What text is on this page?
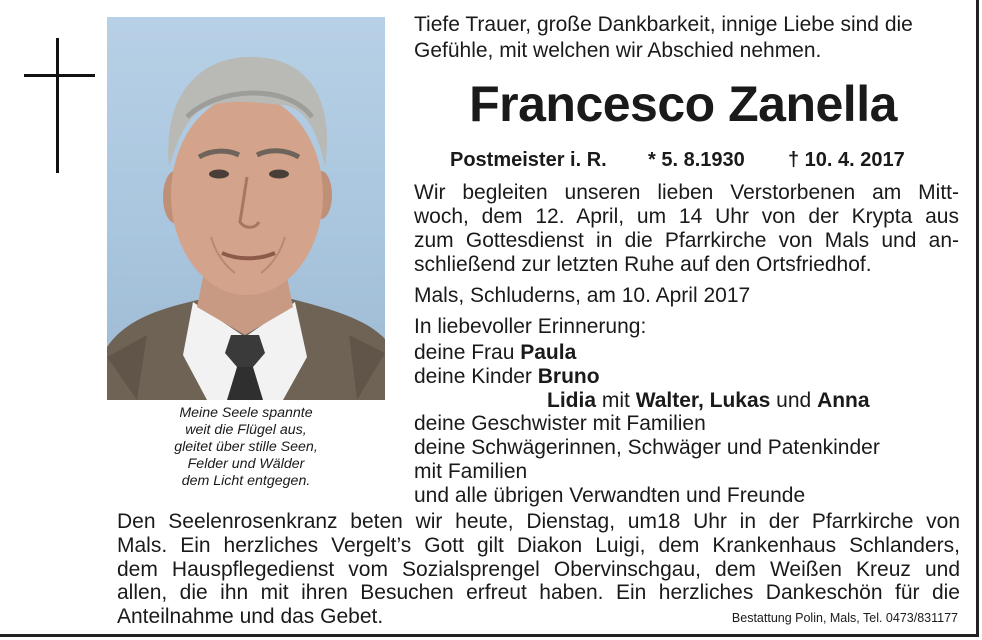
Meine Seele spannte
weit die Flügel aus,
gleitet über stille Seen,
Felder und Wälder
dem Licht entgegen.
Tiefe Trauer, große Dankbarkeit, innige Liebe sind die
Gefühle, mit welchen wir Abschied nehmen.
Francesco Zanella
Postmeister i. R. * 5. 8.1930 † 10. 4. 2017
Wir begleiten unseren lieben Verstorbenen am Mitt-
woch, dem 12. April, um 14 Uhr von der Krypta aus
zum Gottesdienst in die Pfarrkirche von Mals und an-
schließend zur letzten Ruhe auf den Ortsfriedhof.
Mals, Schluderns, am 10. April 2017
In liebevoller Erinnerung:
deine Frau Paula
deine Kinder Bruno
Lidia mit Walter, Lukas und Anna
deine Geschwister mit Familien
deine Schwägerinnen, Schwäger und Patenkinder
mit Familien
und alle übrigen Verwandten und Freunde
Den Seelenrosenkranz beten wir heute, Dienstag, um18 Uhr in der Pfarrkirche von
Mals. Ein herzliches Vergelt’s Gott gilt Diakon Luigi, dem Krankenhaus Schlanders,
dem Hauspflegedienst vom Sozialsprengel Obervinschgau, dem Weißen Kreuz und
allen, die ihn mit ihren Besuchen erfreut haben. Ein herzliches Dankeschön für die
Anteilnahme und das Gebet.	Bestattung Polin, Mals, Tel. 0473/831177
